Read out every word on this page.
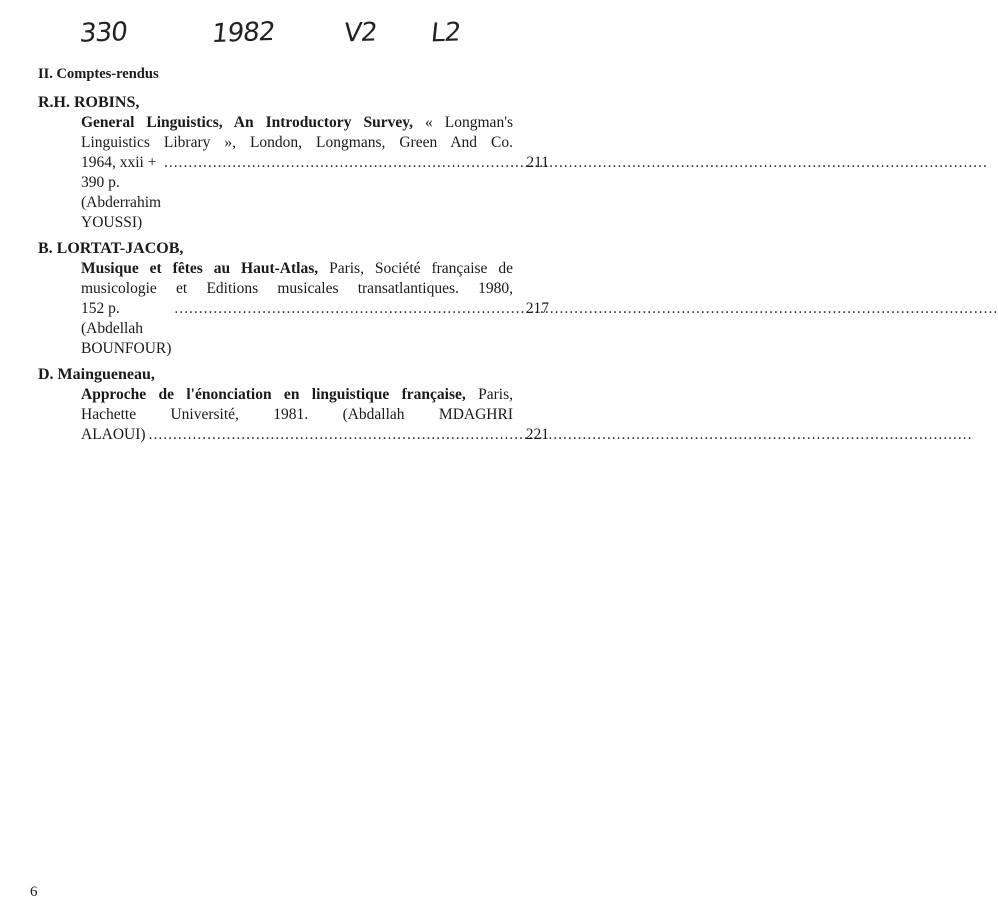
330	1982	V2 L2
II. Comptes-rendus
R.H. ROBINS,
General Linguistics, An Introductory Survey, « Longman's
Linguistics Library », London, Longmans, Green And Co.
1964, xxii + 390 p. (Abderrahim YOUSSI)
.....
211
B. LORTAT-JACOB,
Musique et fêtes au Haut-Atlas, Paris, Société française de
musicologie et Editions musicales transatlantiques. 1980,
152 p. (Abdellah BOUNFOUR)
.....
217
D. Maingueneau,
Approche de l'énonciation en linguistique française, Paris,
Hachette Université, 1981. (Abdallah MDAGHRI
ALAOUI)
.....	221
6
